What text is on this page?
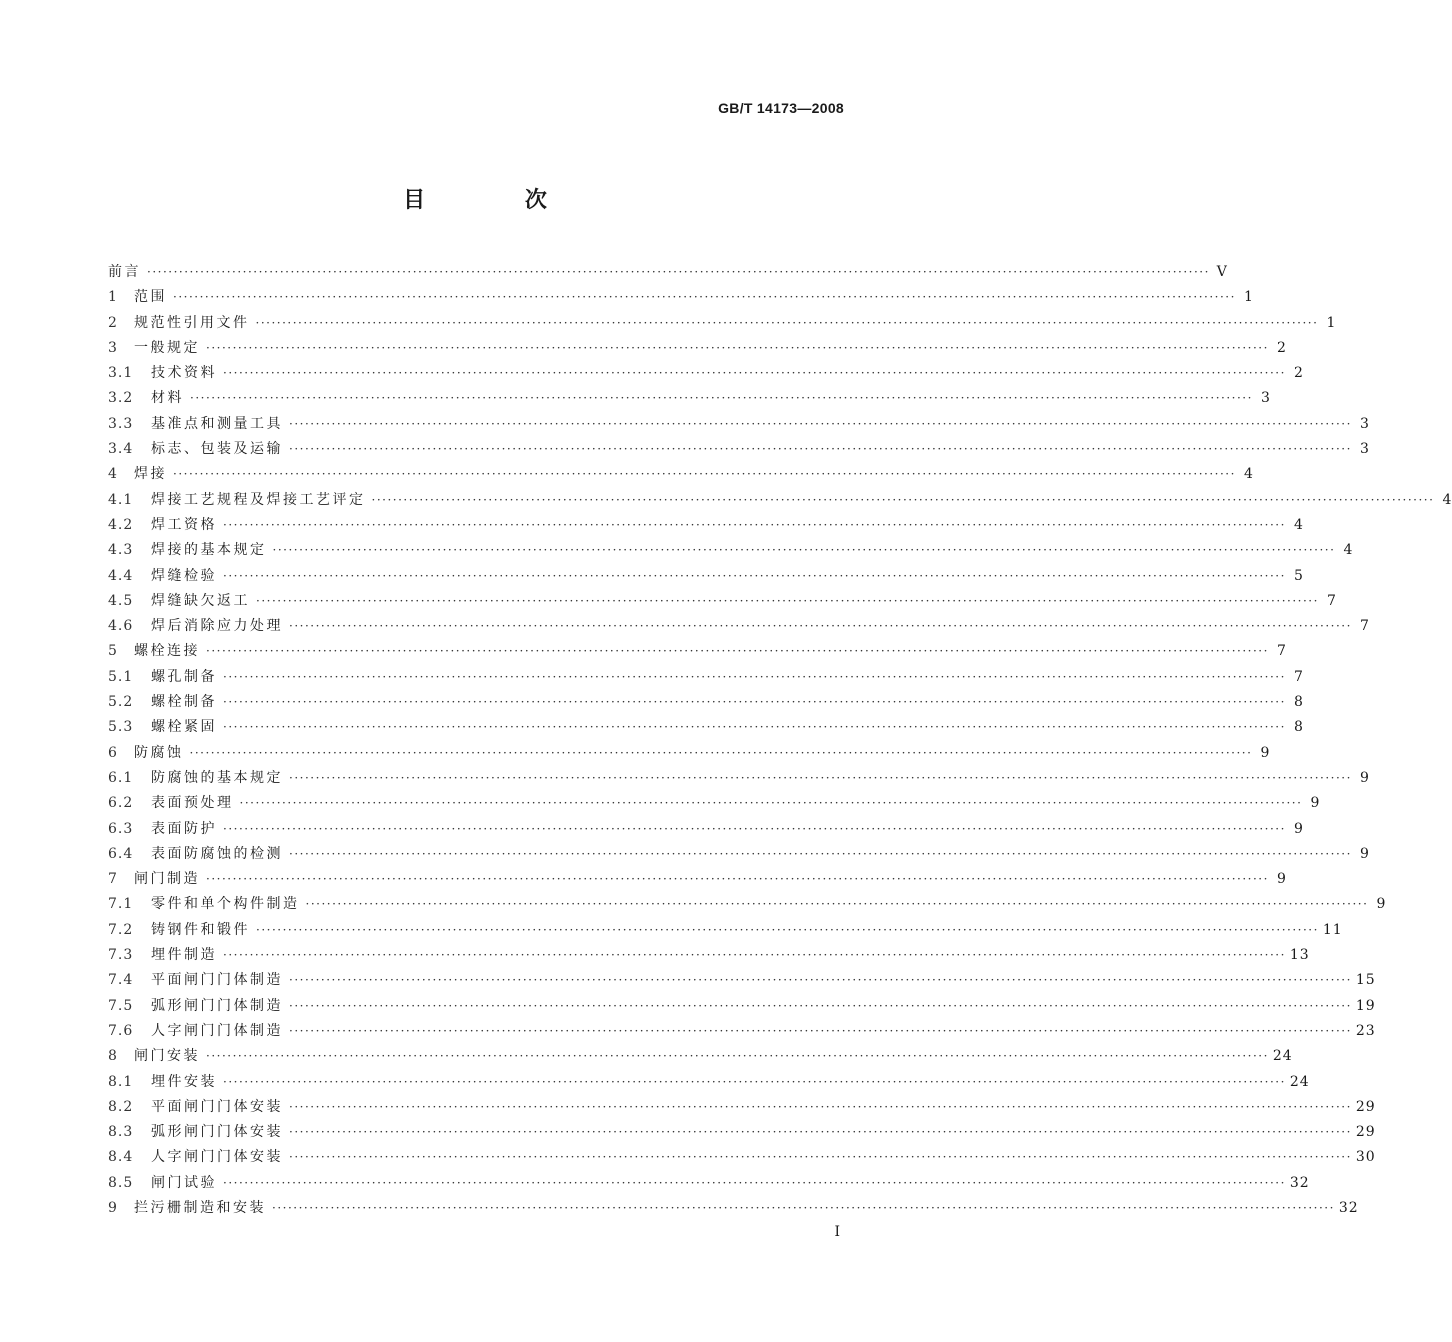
GB/T 14173—2008
目 次
前言 ········································································································································································································ V
1	范围 ········································································································································································································ 1
2	规范性引用文件 ········································································································································································································ 1
3	一般规定 ········································································································································································································ 2
3.1	技术资料 ········································································································································································································ 2
3.2	材料 ········································································································································································································ 3
3.3	基准点和测量工具 ········································································································································································································ 3
3.4	标志、包装及运输 ········································································································································································································ 3
4	焊接 ········································································································································································································ 4
4.1	焊接工艺规程及焊接工艺评定 ········································································································································································································ 4
4.2	焊工资格 ········································································································································································································ 4
4.3	焊接的基本规定 ········································································································································································································ 4
4.4	焊缝检验 ········································································································································································································ 5
4.5	焊缝缺欠返工 ········································································································································································································ 7
4.6	焊后消除应力处理 ········································································································································································································ 7
5	螺栓连接 ········································································································································································································ 7
5.1	螺孔制备 ········································································································································································································ 7
5.2	螺栓制备 ········································································································································································································ 8
5.3	螺栓紧固 ········································································································································································································ 8
6	防腐蚀 ········································································································································································································ 9
6.1	防腐蚀的基本规定 ········································································································································································································ 9
6.2	表面预处理 ········································································································································································································ 9
6.3	表面防护 ········································································································································································································ 9
6.4	表面防腐蚀的检测 ········································································································································································································ 9
7	闸门制造 ········································································································································································································ 9
7.1	零件和单个构件制造 ········································································································································································································ 9
7.2	铸钢件和锻件 ········································································································································································································ 11
7.3	埋件制造 ········································································································································································································ 13
7.4	平面闸门门体制造 ········································································································································································································ 15
7.5	弧形闸门门体制造 ········································································································································································································ 19
7.6	人字闸门门体制造 ········································································································································································································ 23
8	闸门安装 ········································································································································································································ 24
8.1	埋件安装 ········································································································································································································ 24
8.2	平面闸门门体安装 ········································································································································································································ 29
8.3	弧形闸门门体安装 ········································································································································································································ 29
8.4	人字闸门门体安装 ········································································································································································································ 30
8.5	闸门试验 ········································································································································································································ 32
9	拦污栅制造和安装 ········································································································································································································ 32
I
